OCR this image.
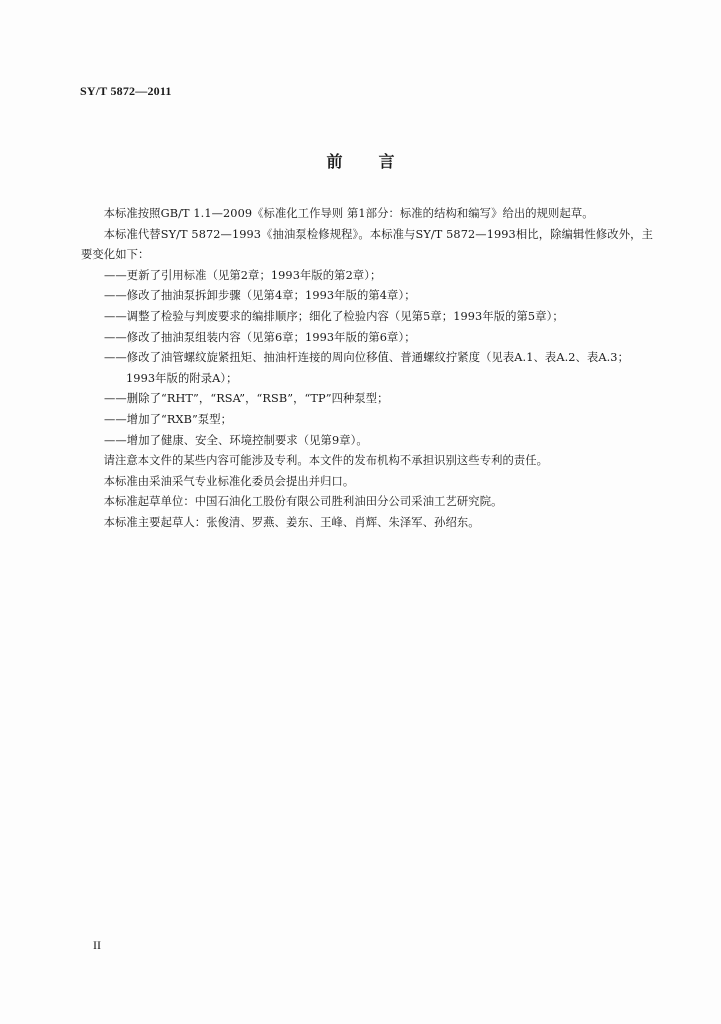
SY/T 5872—2011
前言

本标准按照GB/T 1.1—2009《标准化工作导则 第1部分：标准的结构和编写》给出的规则起草。

本标准代替SY/T 5872—1993《抽油泵检修规程》。本标准与SY/T 5872—1993相比，除编辑性修改外，主要变化如下：

——更新了引用标准（见第2章；1993年版的第2章）；

——修改了抽油泵拆卸步骤（见第4章；1993年版的第4章）；

——调整了检验与判废要求的编排顺序；细化了检验内容（见第5章；1993年版的第5章）；

——修改了抽油泵组装内容（见第6章；1993年版的第6章）；

——修改了油管螺纹旋紧扭矩、抽油杆连接的周向位移值、普通螺纹拧紧度（见表A.1、表A.2、表A.3；1993年版的附录A）；

——删除了“RHT”，“RSA”，“RSB”，“TP”四种泵型；

——增加了“RXB”泵型；

——增加了健康、安全、环境控制要求（见第9章）。

请注意本文件的某些内容可能涉及专利。本文件的发布机构不承担识别这些专利的责任。

本标准由采油采气专业标准化委员会提出并归口。

本标准起草单位：中国石油化工股份有限公司胜利油田分公司采油工艺研究院。

本标准主要起草人：张俊清、罗燕、姜东、王峰、肖辉、朱泽军、孙绍东。

II
